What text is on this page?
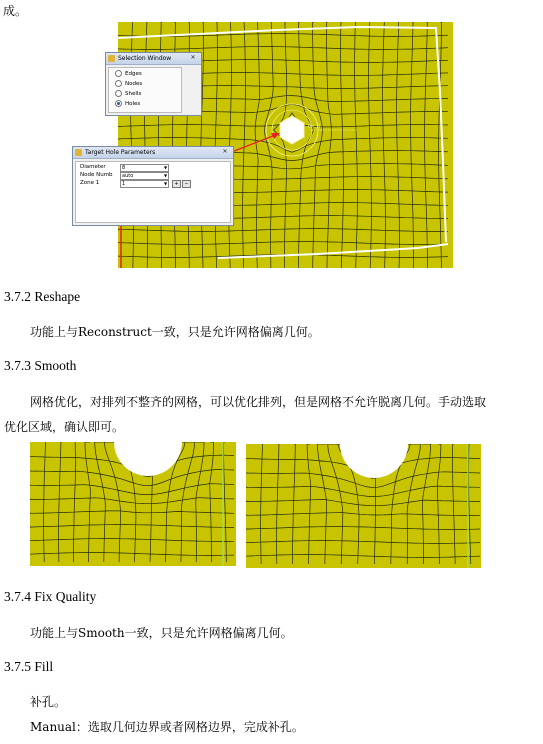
成。
D= 8
Selection Window	✕
Edges
Nodes
Shells
Holes
Target Hole Parameters	✕
Diameter	8	▼
Node Numb	auto	▼
Zone 1	1	▼	+	−
3.7.2 Reshape
功能上与Reconstruct一致，只是允许网格偏离几何。
3.7.3 Smooth
网格优化，对排列不整齐的网格，可以优化排列，但是网格不允许脱离几何。手动选取
优化区域，确认即可。
3.7.4 Fix Quality
功能上与Smooth一致，只是允许网格偏离几何。
3.7.5 Fill
补孔。
Manual：选取几何边界或者网格边界，完成补孔。
